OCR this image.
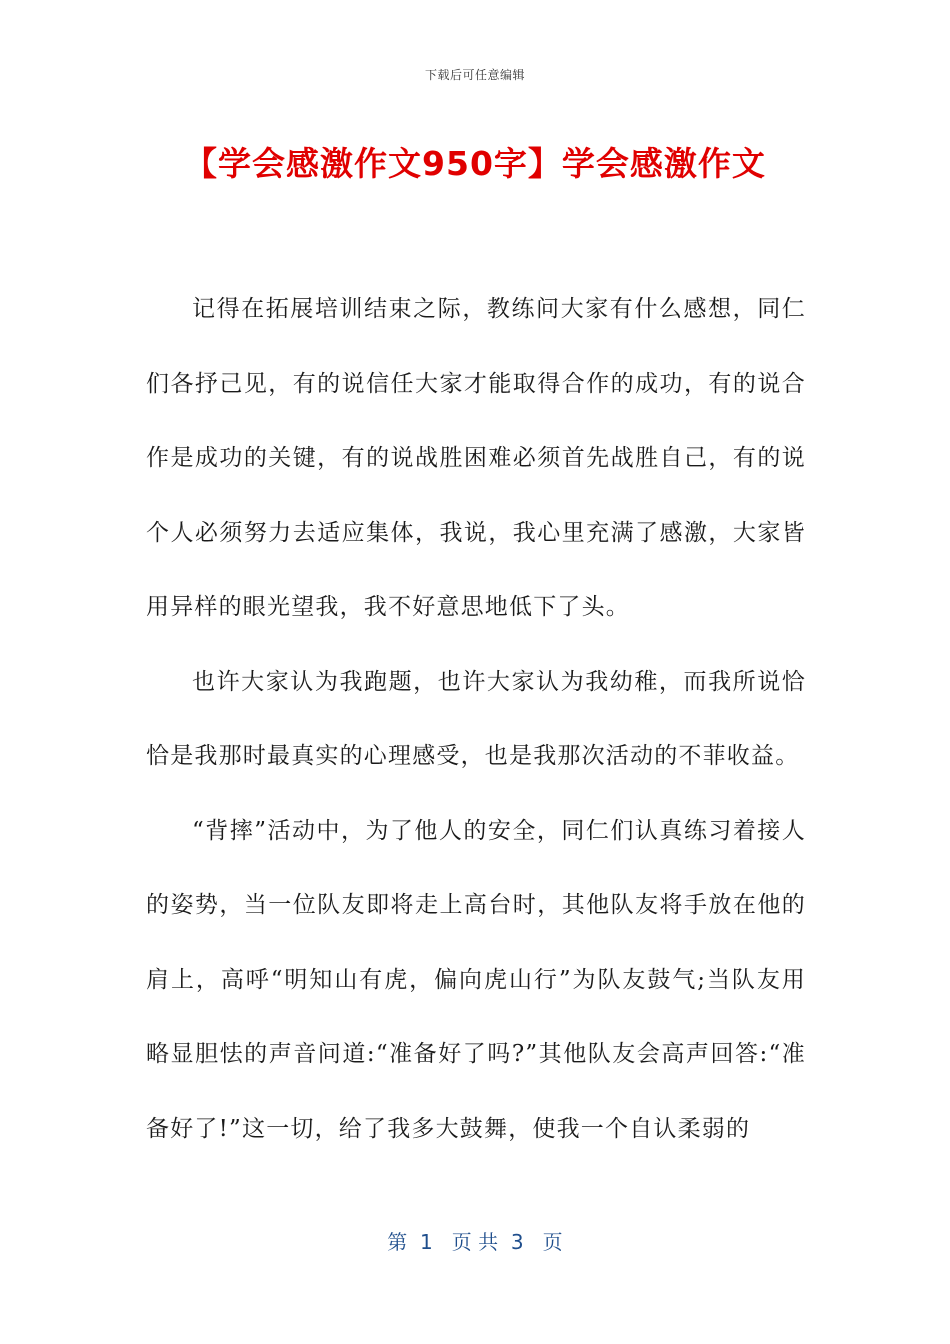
下载后可任意编辑
【学会感激作文950字】学会感激作文

记得在拓展培训结束之际，教练问大家有什么感想，同仁们各抒己见，有的说信任大家才能取得合作的成功，有的说合作是成功的关键，有的说战胜困难必须首先战胜自己，有的说个人必须努力去适应集体，我说，我心里充满了感激，大家皆用异样的眼光望我，我不好意思地低下了头。

也许大家认为我跑题，也许大家认为我幼稚，而我所说恰恰是我那时最真实的心理感受，也是我那次活动的不菲收益。

“背摔”活动中，为了他人的安全，同仁们认真练习着接人的姿势，当一位队友即将走上高台时，其他队友将手放在他的肩上，高呼“明知山有虎，偏向虎山行”为队友鼓气;当队友用略显胆怯的声音问道:“准备好了吗?”其他队友会高声回答:“准备好了!”这一切，给了我多大鼓舞，使我一个自认柔弱的

第  1   页 共  3   页
